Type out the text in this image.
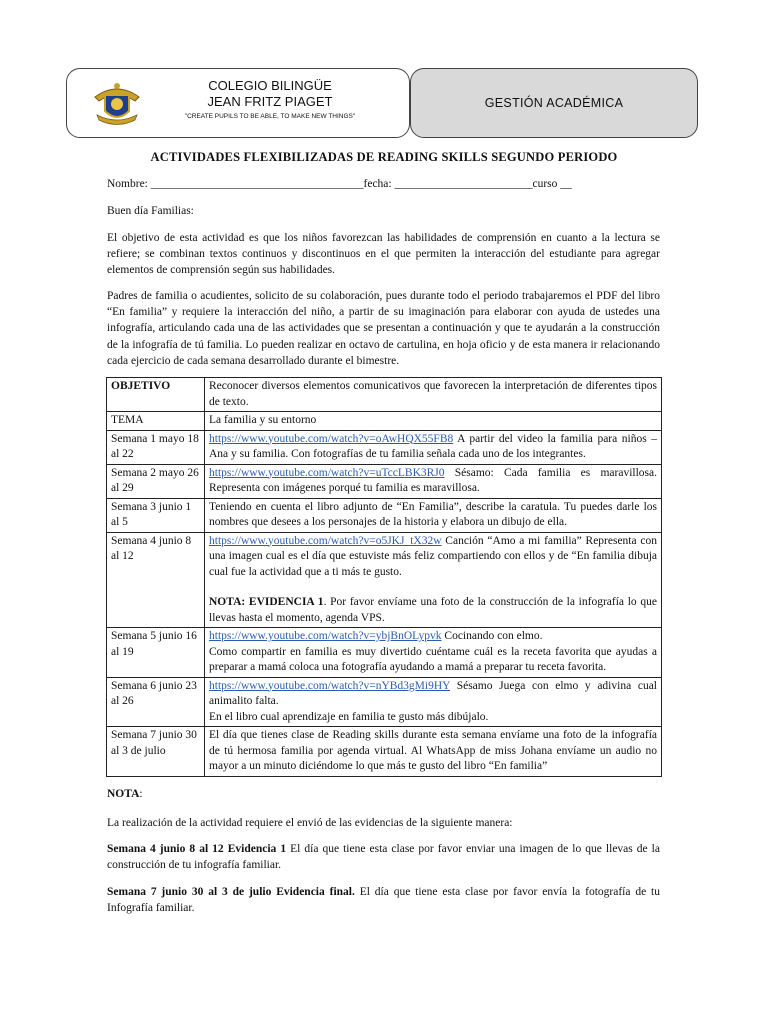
COLEGIO BILINGÜE
JEAN FRITZ PIAGET
"CREATE PUPILS TO BE ABLE, TO MAKE NEW THINGS"
GESTIÓN ACADÉMICA
ACTIVIDADES FLEXIBILIZADAS DE READING SKILLS SEGUNDO PERIODO
Nombre: _____________________________________fecha: ________________________curso __
Buen día Familias:
El objetivo de esta actividad es que los niños favorezcan las habilidades de comprensión en cuanto a la lectura se refiere; se combinan textos continuos y discontinuos en el que permiten la interacción del estudiante para agregar elementos de comprensión según sus habilidades.
Padres de familia o acudientes, solicito de su colaboración, pues durante todo el periodo trabajaremos el PDF del libro “En familia” y requiere la interacción del niño, a partir de su imaginación para elaborar con ayuda de ustedes una infografía, articulando cada una de las actividades que se presentan a continuación y que te ayudarán a la construcción de la infografía de tú familia. Lo pueden realizar en octavo de cartulina, en hoja oficio y de esta manera ir relacionando cada ejercicio de cada semana desarrollado durante el bimestre.
OBJETIVO	Reconocer diversos elementos comunicativos que favorecen la interpretación de diferentes tipos de texto.
TEMA	La familia y su entorno
Semana 1 mayo 18 al 22	https://www.youtube.com/watch?v=oAwHQX55FB8 A partir del video la familia para niños – Ana y su familia. Con fotografías de tu familia señala cada uno de los integrantes.
Semana 2 mayo 26 al 29	https://www.youtube.com/watch?v=uTccLBK3RJ0 Sésamo: Cada familia es maravillosa. Representa con imágenes porqué tu familia es maravillosa.
Semana 3 junio 1 al 5	Teniendo en cuenta el libro adjunto de “En Familia”, describe la caratula. Tu puedes darle los nombres que desees a los personajes de la historia y elabora un dibujo de ella.
Semana 4 junio 8 al 12	https://www.youtube.com/watch?v=o5JKJ_tX32w Canción “Amo a mi familia” Representa con una imagen cual es el día que estuviste más feliz compartiendo con ellos y de “En familia dibuja cual fue la actividad que a ti más te gusto.
NOTA: EVIDENCIA 1. Por favor envíame una foto de la construcción de la infografía lo que llevas hasta el momento, agenda VPS.

Semana 5 junio 16 al 19	https://www.youtube.com/watch?v=ybjBnOLypvk Cocinando con elmo.
Como compartir en familia es muy divertido cuéntame cuál es la receta favorita que ayudas a preparar a mamá coloca una fotografía ayudando a mamá a preparar tu receta favorita.

Semana 6 junio 23 al 26	https://www.youtube.com/watch?v=nYBd3gMi9HY Sésamo Juega con elmo y adivina cual animalito falta.
En el libro cual aprendizaje en familia te gusto más dibújalo.

Semana 7 junio 30 al 3 de julio	El día que tienes clase de Reading skills durante esta semana envíame una foto de la infografía de tú hermosa familia por agenda virtual. Al WhatsApp de miss Johana envíame un audio no mayor a un minuto diciéndome lo que más te gusto del libro “En familia”
NOTA:
La realización de la actividad requiere el envió de las evidencias de la siguiente manera:
Semana 4 junio 8 al 12 Evidencia 1 El día que tiene esta clase por favor enviar una imagen de lo que llevas de la construcción de tu infografía familiar.
Semana 7 junio 30 al 3 de julio Evidencia final. El día que tiene esta clase por favor envía la fotografía de tu Infografía familiar.
